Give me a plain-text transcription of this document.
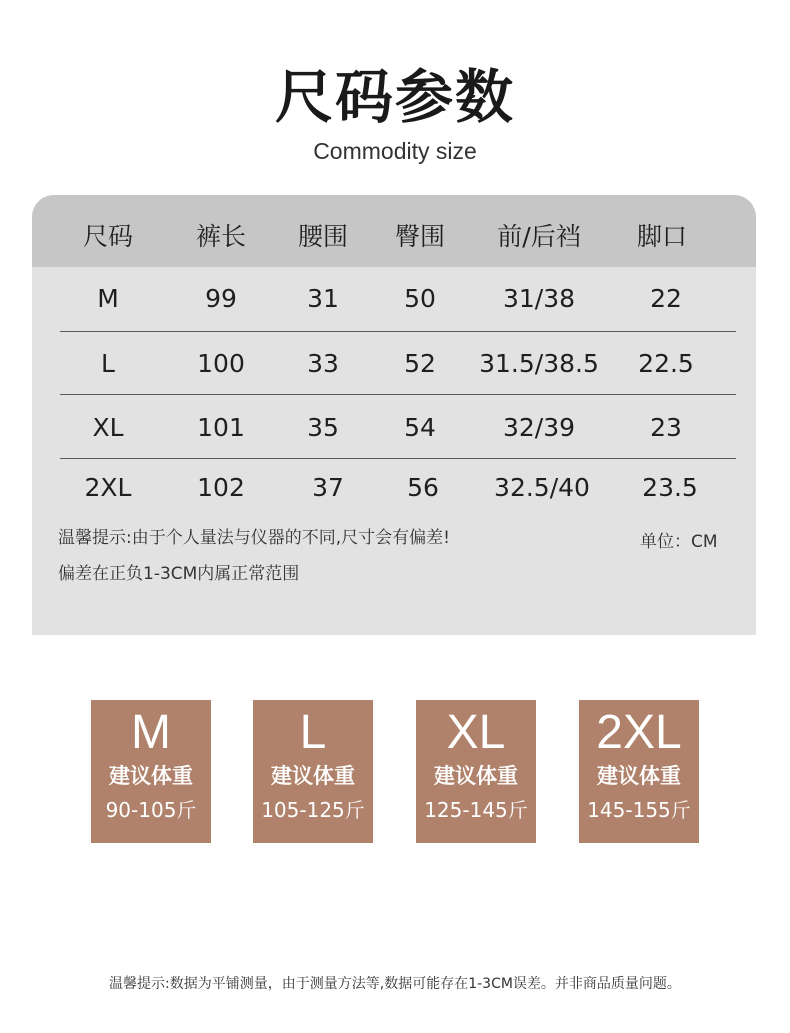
尺码参数
Commodity size
尺码	裤长 腰围 臀围 前/后裆 脚口
M	99	31	50	31/38	22
L	100 33	52 31.5/38.5 22.5
XL	101 35	54	32/39	23
2XL	102	37	56 32.5/40 23.5
温馨提示:由于个人量法与仪器的不同,尺寸会有偏差!	单位：CM
偏差在正负1-3CM内属正常范围
M
建议体重
90-105斤
L
建议体重
105-125斤
XL
建议体重
125-145斤
2XL
建议体重
145-155斤
温馨提示:数据为平铺测量，由于测量方法等,数据可能存在1-3CM误差。并非商品质量问题。
